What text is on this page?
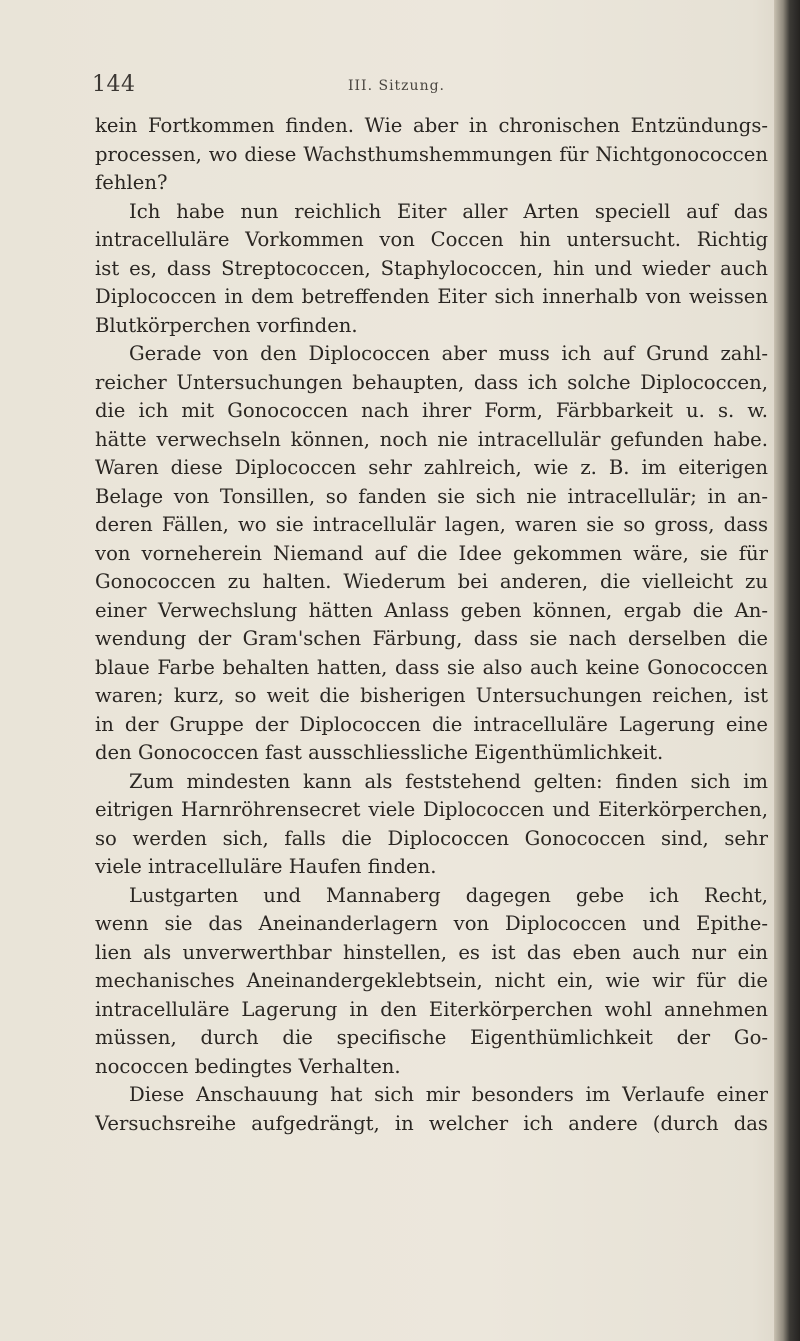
144	III. Sitzung.
kein Fortkommen finden. Wie aber in chronischen Entzündungs-
processen, wo diese Wachsthumshemmungen für Nichtgonococcen
fehlen?
Ich habe nun reichlich Eiter aller Arten speciell auf das
intracelluläre Vorkommen von Coccen hin untersucht. Richtig
ist es, dass Streptococcen, Staphylococcen, hin und wieder auch
Diplococcen in dem betreffenden Eiter sich innerhalb von weissen
Blutkörperchen vorfinden.
Gerade von den Diplococcen aber muss ich auf Grund zahl-
reicher Untersuchungen behaupten, dass ich solche Diplococcen,
die ich mit Gonococcen nach ihrer Form, Färbbarkeit u. s. w.
hätte verwechseln können, noch nie intracellulär gefunden habe.
Waren diese Diplococcen sehr zahlreich, wie z. B. im eiterigen
Belage von Tonsillen, so fanden sie sich nie intracellulär; in an-
deren Fällen, wo sie intracellulär lagen, waren sie so gross, dass
von vorneherein Niemand auf die Idee gekommen wäre, sie für
Gonococcen zu halten. Wiederum bei anderen, die vielleicht zu
einer Verwechslung hätten Anlass geben können, ergab die An-
wendung der Gram'schen Färbung, dass sie nach derselben die
blaue Farbe behalten hatten, dass sie also auch keine Gonococcen
waren; kurz, so weit die bisherigen Untersuchungen reichen, ist
in der Gruppe der Diplococcen die intracelluläre Lagerung eine
den Gonococcen fast ausschliessliche Eigenthümlichkeit.
Zum mindesten kann als feststehend gelten: finden sich im
eitrigen Harnröhrensecret viele Diplococcen und Eiterkörperchen,
so werden sich, falls die Diplococcen Gonococcen sind, sehr
viele intracelluläre Haufen finden.
Lustgarten und Mannaberg dagegen gebe ich Recht,
wenn sie das Aneinanderlagern von Diplococcen und Epithe-
lien als unverwerthbar hinstellen, es ist das eben auch nur ein
mechanisches Aneinandergeklebtsein, nicht ein, wie wir für die
intracelluläre Lagerung in den Eiterkörperchen wohl annehmen
müssen, durch die specifische Eigenthümlichkeit der Go-
nococcen bedingtes Verhalten.
Diese Anschauung hat sich mir besonders im Verlaufe einer
Versuchsreihe aufgedrängt, in welcher ich andere (durch das
